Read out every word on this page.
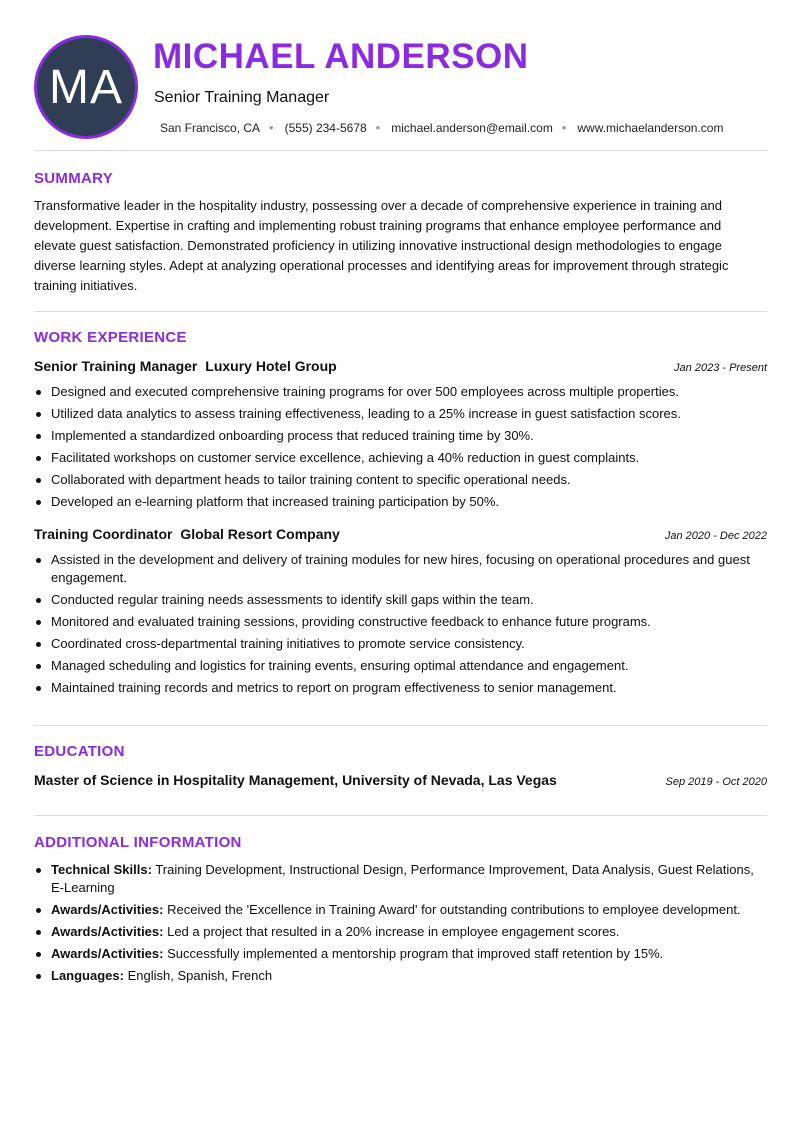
MA
MICHAEL ANDERSON
Senior Training Manager
San Francisco, CA • (555) 234-5678 • michael.anderson@email.com • www.michaelanderson.com
SUMMARY

Transformative leader in the hospitality industry, possessing over a decade of comprehensive experience in training and development. Expertise in crafting and implementing robust training programs that enhance employee performance and elevate guest satisfaction. Demonstrated proficiency in utilizing innovative instructional design methodologies to engage diverse learning styles. Adept at analyzing operational processes and identifying areas for improvement through strategic training initiatives.

WORK EXPERIENCE
Senior Training Manager Luxury Hotel Group	Jan 2023 - Present
Designed and executed comprehensive training programs for over 500 employees across multiple properties.
Utilized data analytics to assess training effectiveness, leading to a 25% increase in guest satisfaction scores.
Implemented a standardized onboarding process that reduced training time by 30%.
Facilitated workshops on customer service excellence, achieving a 40% reduction in guest complaints.
Collaborated with department heads to tailor training content to specific operational needs.
Developed an e-learning platform that increased training participation by 50%.
Training Coordinator Global Resort Company	Jan 2020 - Dec 2022
Assisted in the development and delivery of training modules for new hires, focusing on operational procedures and guest engagement.
Conducted regular training needs assessments to identify skill gaps within the team.
Monitored and evaluated training sessions, providing constructive feedback to enhance future programs.
Coordinated cross-departmental training initiatives to promote service consistency.
Managed scheduling and logistics for training events, ensuring optimal attendance and engagement.
Maintained training records and metrics to report on program effectiveness to senior management.
EDUCATION
Master of Science in Hospitality Management, University of Nevada, Las Vegas	Sep 2019 - Oct 2020
ADDITIONAL INFORMATION
Technical Skills: Training Development, Instructional Design, Performance Improvement, Data Analysis, Guest Relations, E-Learning
Awards/Activities: Received the 'Excellence in Training Award' for outstanding contributions to employee development.
Awards/Activities: Led a project that resulted in a 20% increase in employee engagement scores.
Awards/Activities: Successfully implemented a mentorship program that improved staff retention by 15%.
Languages: English, Spanish, French
